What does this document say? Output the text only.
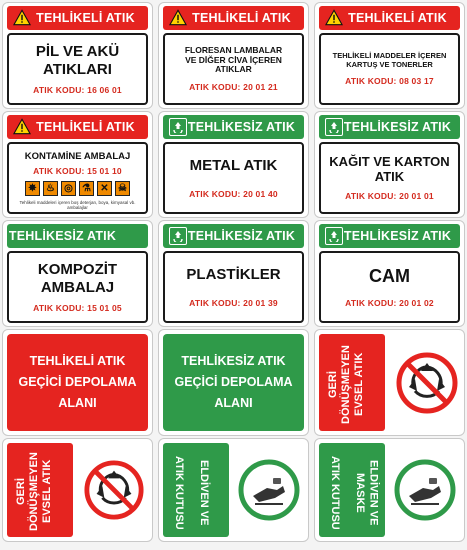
TEHLİKELİ ATIK
PİL VE AKÜ
ATIKLARI
ATIK KODU: 16 06 01
TEHLİKELİ ATIK
FLORESAN LAMBALAR
VE DİĞER CİVA İÇEREN
ATIKLAR
ATIK KODU: 20 01 21
TEHLİKELİ ATIK
TEHLİKELİ MADDELER İÇEREN
KARTUŞ VE TONERLER
ATIK KODU: 08 03 17
TEHLİKELİ ATIK
KONTAMİNE AMBALAJ
ATIK KODU: 15 01 10
✸ ♨ ◎ ⚗ ✕ ☠
Tehlikeli maddeleri içeren boş deterjan, boya, kimyasal vb. ambalajlar
TEHLİKESİZ ATIK
METAL ATIK
ATIK KODU: 20 01 40
TEHLİKESİZ ATIK
KAĞIT VE KARTON
ATIK
ATIK KODU: 20 01 01
TEHLİKESİZ ATIK
KOMPOZİT
AMBALAJ
ATIK KODU: 15 01 05
TEHLİKESİZ ATIK
PLASTİKLER
ATIK KODU: 20 01 39
TEHLİKESİZ ATIK
CAM
ATIK KODU: 20 01 02
TEHLİKELİ ATIK
GEÇİCİ DEPOLAMA
ALANI
TEHLİKESİZ ATIK
GEÇİCİ DEPOLAMA
ALANI
GERİ DÖNÜŞMEYEN EVSEL ATIK
GERİ DÖNÜŞMEYEN EVSEL ATIK	ELDİVEN VE
ATIK KUTUSU	ELDİVEN VE MASKE
ATIK KUTUSU
